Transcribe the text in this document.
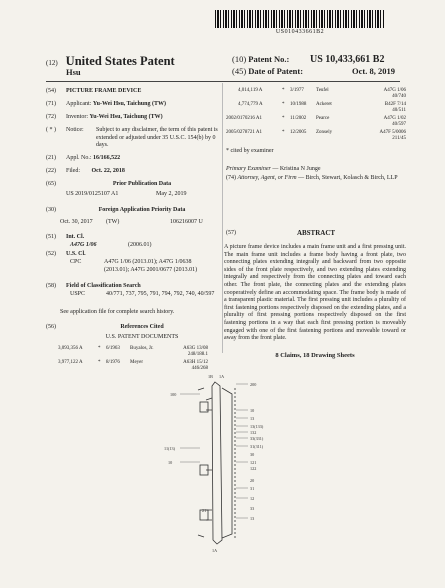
US010433661B2
(12) United States Patent
Hsu
(10) Patent No.: US 10,433,661 B2
(45) Date of Patent:	Oct. 8, 2019
(54) PICTURE FRAME DEVICE
(71) Applicant: Yu-Wei Hsu, Taichung (TW)
(72) Inventor: Yu-Wei Hsu, Taichung (TW)
( * ) Notice:	Subject to any disclaimer, the term of this patent is extended or adjusted under 35 U.S.C. 154(b) by 0 days.
(21) Appl. No.: 16/166,522
(22) Filed: Oct. 22, 2018
(65)	Prior Publication Data
US 2019/0125107 A1	May 2, 2019
(30)	Foreign Application Priority Data
Oct. 30, 2017	(TW)	106216007 U
(51) Int. Cl.
A47G 1/06	(2006.01)
(52) U.S. Cl.
CPC	A47G 1/06 (2013.01); A47G 1/0638 (2013.01); A47G 2001/0677 (2013.01)
(58) Field of Classification Search
USPC	40/771, 737, 795, 791, 794, 792, 740, 40/597
See application file for complete search history.
(56)	References Cited
U.S. PATENT DOCUMENTS
3,093,356 A	* 6/1963 Buyalos, Jr.	A63G 13/08
248/188.1
3,977,122 A	* 8/1976 Meyer	A63H 15/12
446/268
4,014,119 A	* 3/1977 Teufel	A47G 1/06
40/740
4,774,779 A	* 10/1988 Ackeret	B42F 7/14
40/511
2002/0170216 A1	* 11/2002 Pearce	A47G 1/02
40/597
2005/0278721 A1	* 12/2005 Zonsely	A47F 5/0006
211/45
* cited by examiner
Primary Examiner — Kristina N Junge
(74) Attorney, Agent, or Firm — Birch, Stewart, Kolasch & Birch, LLP
(57)	ABSTRACT
A picture frame device includes a main frame unit and a first pressing unit. The main frame unit includes a frame body having a front plate, two connecting plates extending integrally and backward from two opposite sides of the front plate respectively, and two extending plates extending integrally and respectively from the connecting plates and toward each other. The front plate, the connecting plates and the extending plates cooperatively define an accommodating space. The frame body is made of a transparent plastic material. The first pressing unit includes a plurality of first fastening portions respectively disposed on the extending plates, and a plurality of first pressing portions respectively disposed on the first fastening portions in a way that each first pressing portion is moveably engaged with one of the first fastening portions and moveable toward or away from the front plate.
8 Claims, 18 Drawing Sheets
1B 1A
100
200
10
13
13(133)
132
33(331)
31(311)
30
11(13)
121
122
20
10
31
12
33
21
13
1A
